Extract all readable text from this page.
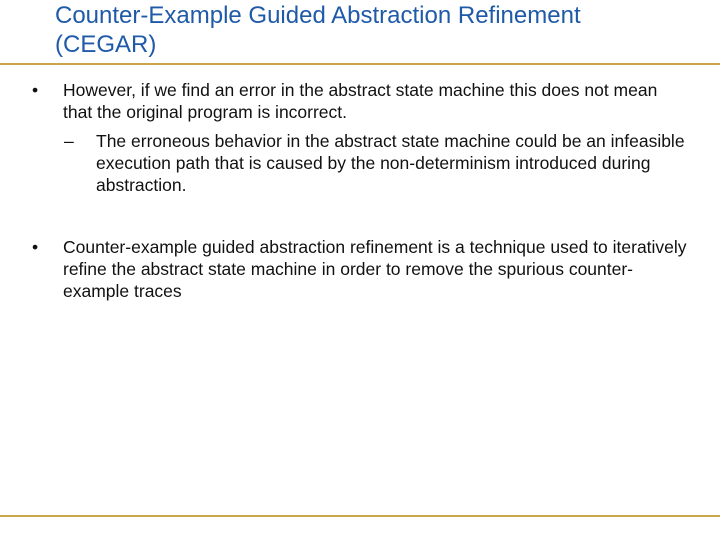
Counter-Example Guided Abstraction Refinement (CEGAR)
• However, if we find an error in the abstract state machine this does not mean that the original program is incorrect.
– The erroneous behavior in the abstract state machine could be an infeasible execution path that is caused by the non-determinism introduced during abstraction.
• Counter-example guided abstraction refinement is a technique used to iteratively refine the abstract state machine in order to remove the spurious counter-example traces
